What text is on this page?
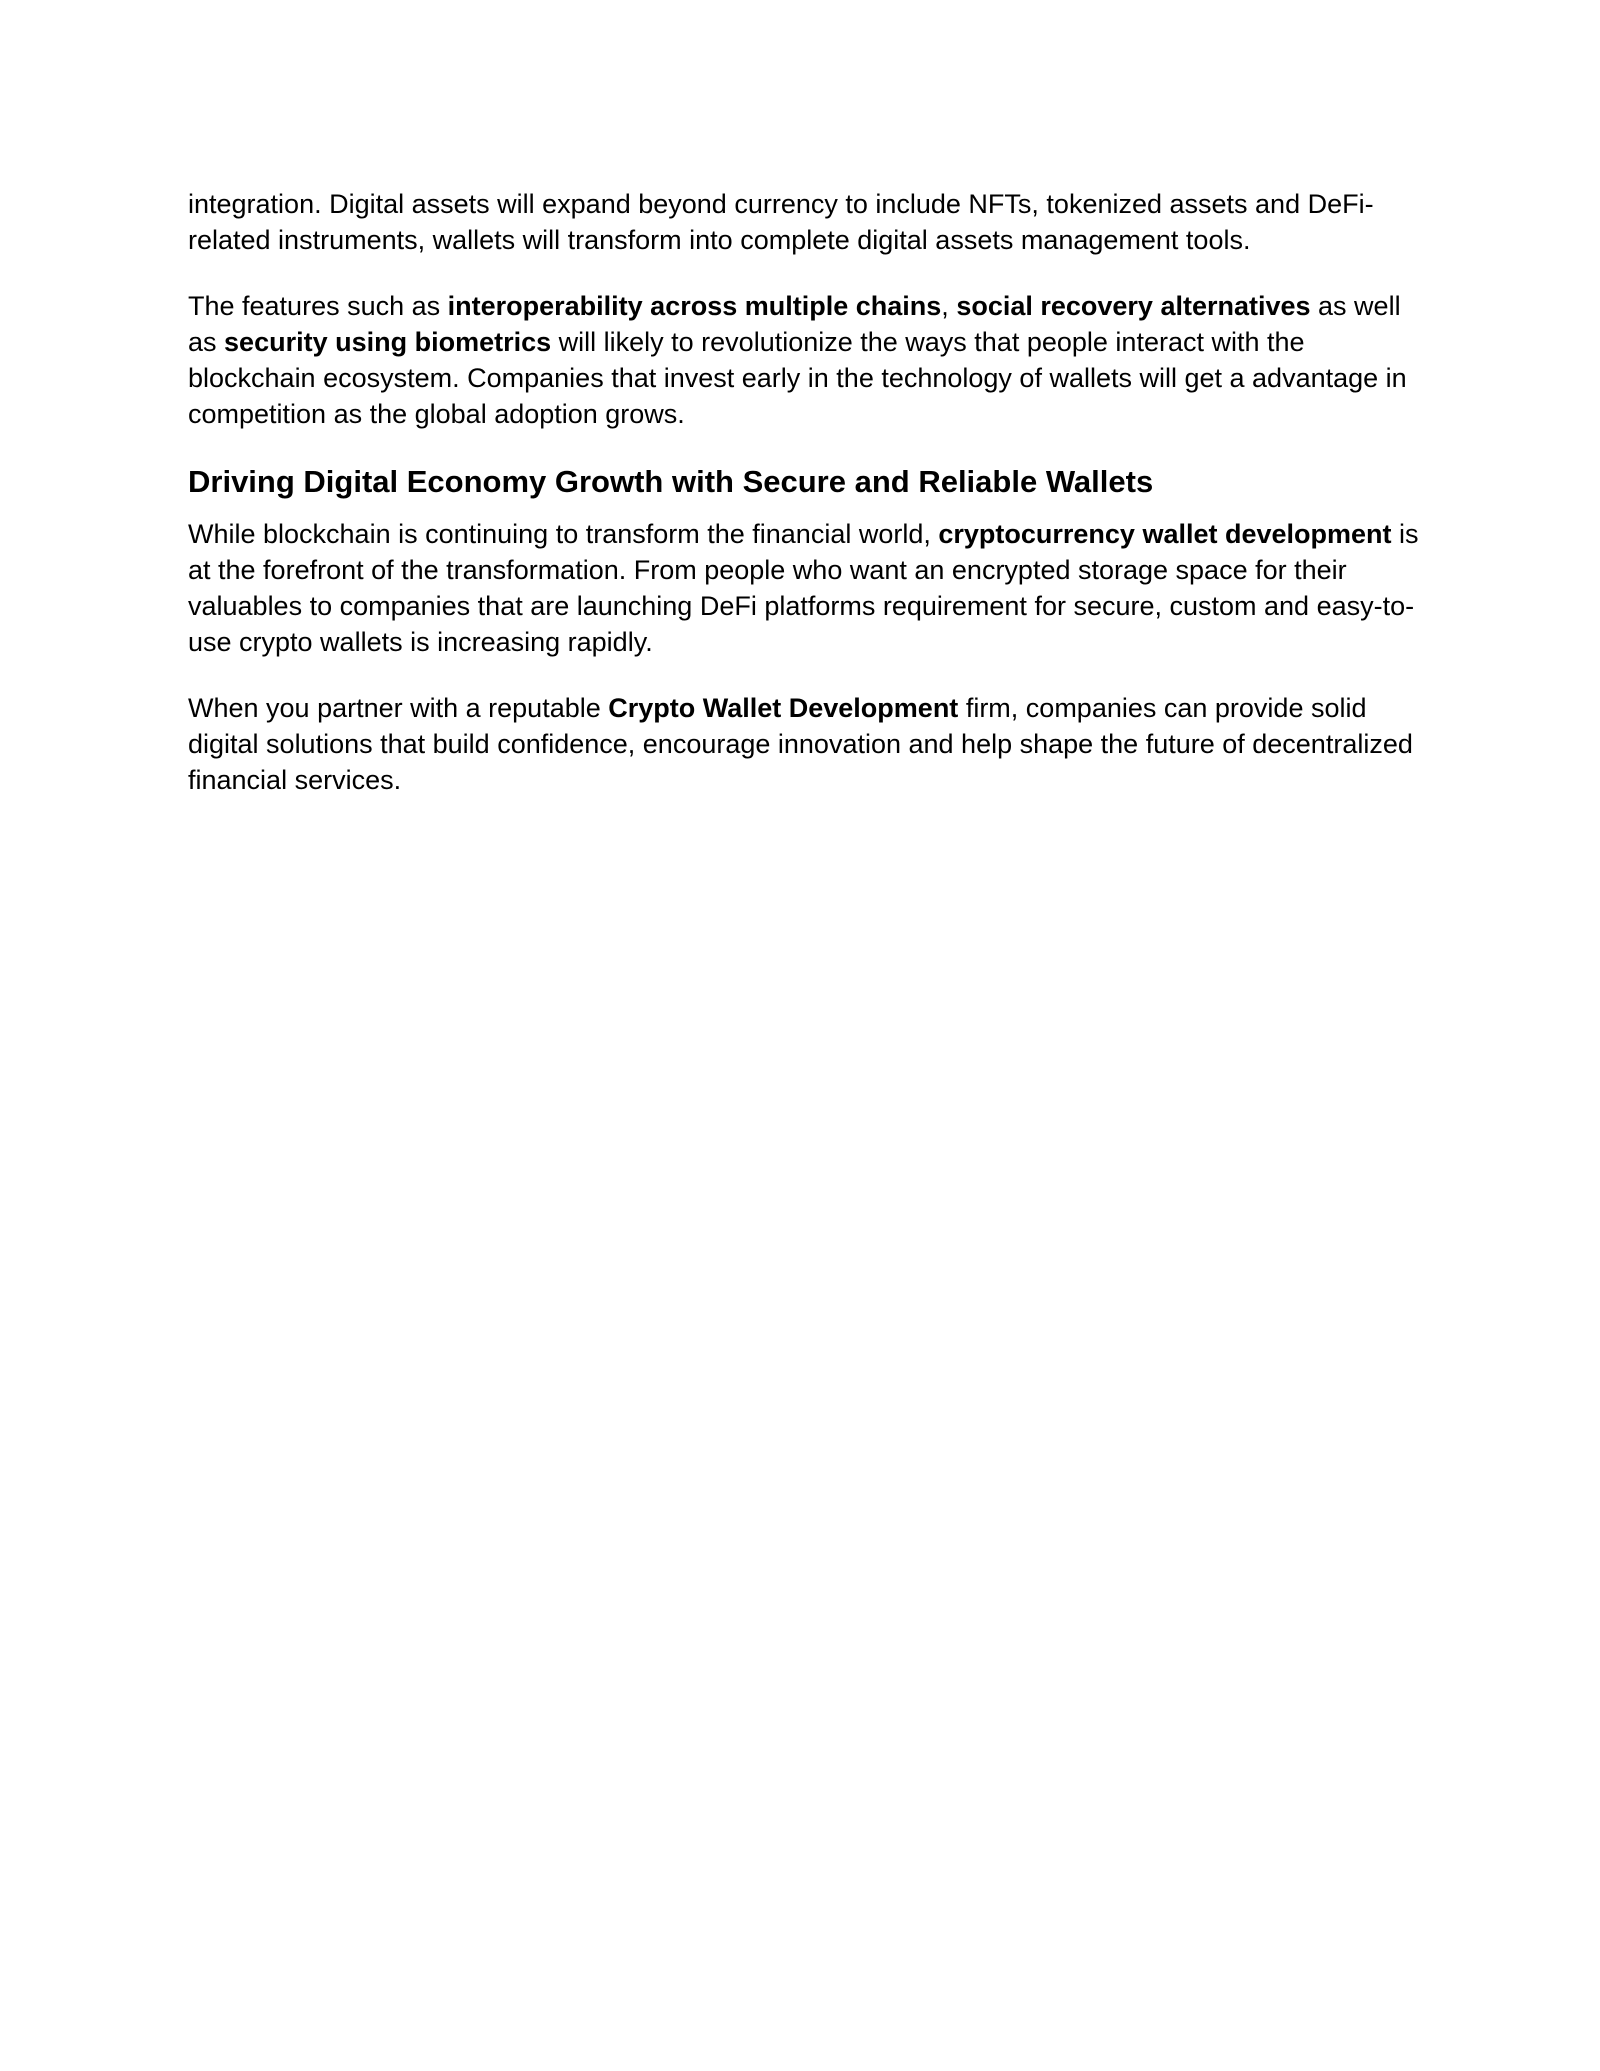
integration. Digital assets will expand beyond currency to include NFTs, tokenized assets and DeFi-related instruments, wallets will transform into complete digital assets management tools.

The features such as interoperability across multiple chains, social recovery alternatives as well as security using biometrics will likely to revolutionize the ways that people interact with the blockchain ecosystem. Companies that invest early in the technology of wallets will get a advantage in competition as the global adoption grows.

Driving Digital Economy Growth with Secure and Reliable Wallets

While blockchain is continuing to transform the financial world, cryptocurrency wallet development is at the forefront of the transformation. From people who want an encrypted storage space for their valuables to companies that are launching DeFi platforms requirement for secure, custom and easy-to-use crypto wallets is increasing rapidly.

When you partner with a reputable Crypto Wallet Development firm, companies can provide solid digital solutions that build confidence, encourage innovation and help shape the future of decentralized financial services.
